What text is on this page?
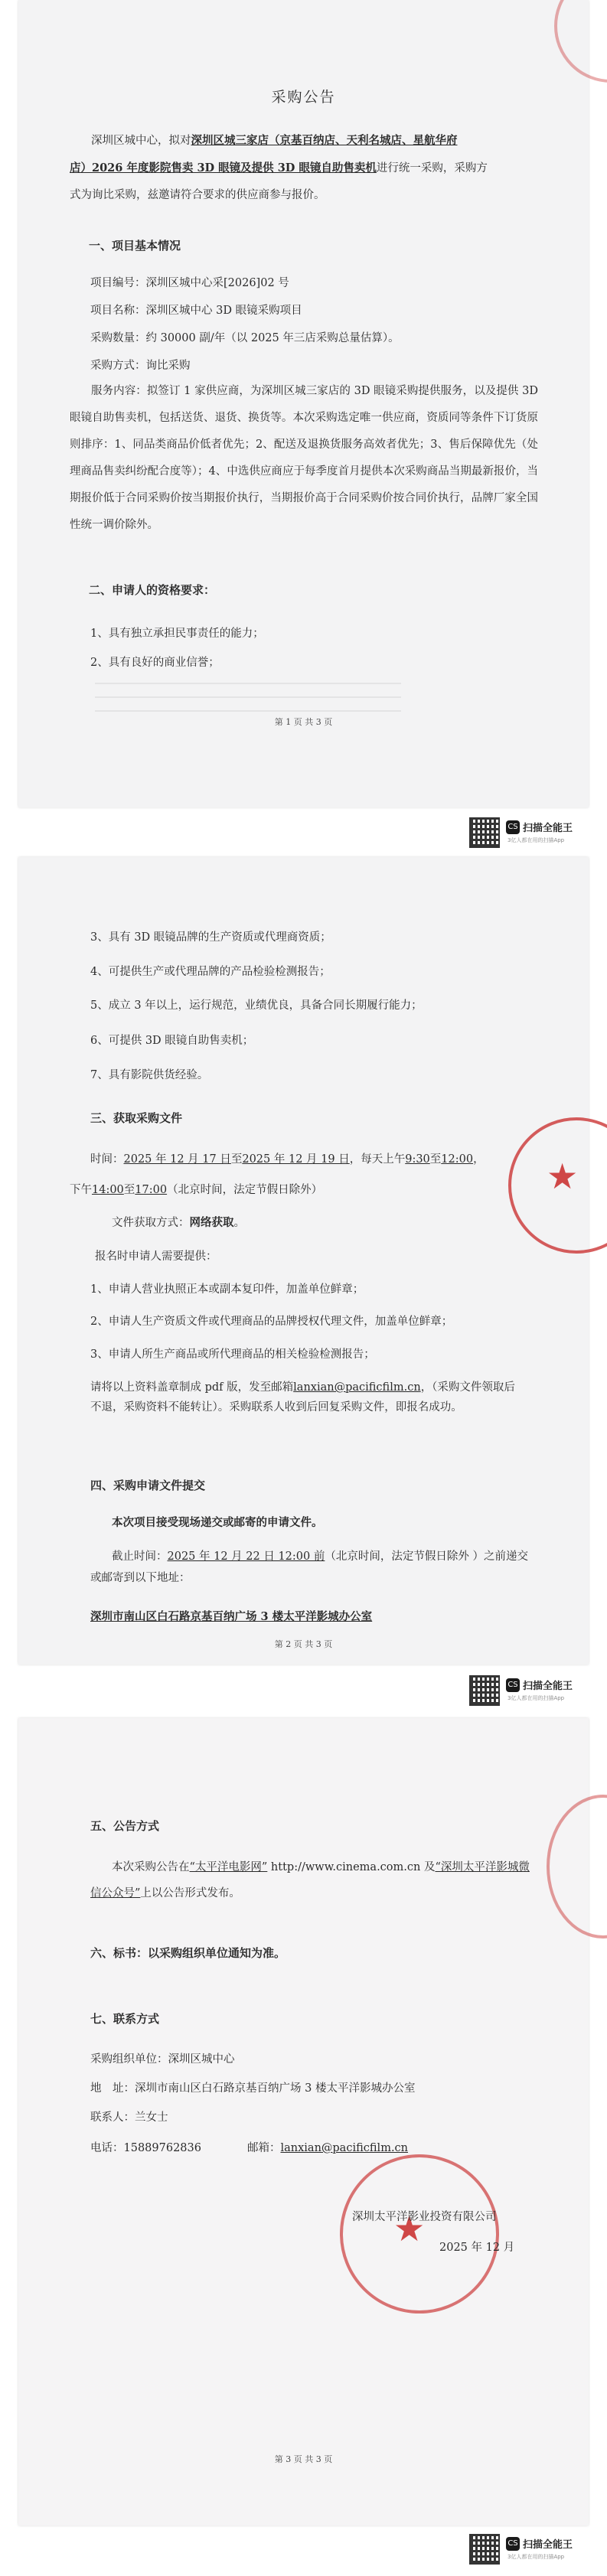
采购公告
深圳区城中心，拟对深圳区城三家店（京基百纳店、天利名城店、星航华府
店）2026 年度影院售卖 3D 眼镜及提供 3D 眼镜自助售卖机进行统一采购，采购方
式为询比采购，兹邀请符合要求的供应商参与报价。
一、项目基本情况
项目编号：深圳区城中心采[2026]02 号
项目名称：深圳区城中心 3D 眼镜采购项目
采购数量：约 30000 副/年（以 2025 年三店采购总量估算）。
采购方式：询比采购
服务内容：拟签订 1 家供应商，为深圳区城三家店的 3D 眼镜采购提供服务，以及提供 3D 眼镜自助售卖机，包括送货、退货、换货等。本次采购选定唯一供应商，资质同等条件下订货原则排序：1、同品类商品价低者优先；2、配送及退换货服务高效者优先；3、售后保障优先（处理商品售卖纠纷配合度等）；4、中选供应商应于每季度首月提供本次采购商品当期最新报价，当期报价低于合同采购价按当期报价执行，当期报价高于合同采购价按合同价执行，品牌厂家全国性统一调价除外。
二、申请人的资格要求：
1、具有独立承担民事责任的能力；
2、具有良好的商业信誉；
第 1 页 共 3 页
CS 扫描全能王
3亿人都在用的扫描App
3、具有 3D 眼镜品牌的生产资质或代理商资质；
4、可提供生产或代理品牌的产品检验检测报告；
5、成立 3 年以上，运行规范，业绩优良，具备合同长期履行能力；
6、可提供 3D 眼镜自助售卖机；
7、具有影院供货经验。
三、获取采购文件
时间：2025 年 12 月 17 日至2025 年 12 月 19 日，每天上午9:30至12:00，
下午14:00至17:00（北京时间，法定节假日除外）
文件获取方式：网络获取。
报名时申请人需要提供：
1、申请人营业执照正本或副本复印件，加盖单位鲜章；
2、申请人生产资质文件或代理商品的品牌授权代理文件，加盖单位鲜章；
3、申请人所生产商品或所代理商品的相关检验检测报告；
请将以上资料盖章制成 pdf 版，发至邮箱lanxian@pacificfilm.cn，（采购文件领取后不退，采购资料不能转让）。采购联系人收到后回复采购文件，即报名成功。
四、采购申请文件提交
本次项目接受现场递交或邮寄的申请文件。
截止时间：2025 年 12 月 22 日 12:00 前（北京时间，法定节假日除外 ）之前递交或邮寄到以下地址：
深圳市南山区白石路京基百纳广场 3 楼太平洋影城办公室
第 2 页 共 3 页
★
CS 扫描全能王
3亿人都在用的扫描App
五、公告方式
本次采购公告在“太平洋电影网” http://www.cinema.com.cn 及“深圳太平洋影城微信公众号”上以公告形式发布。
六、标书：以采购组织单位通知为准。
七、联系方式
采购组织单位：深圳区城中心
地　址：深圳市南山区白石路京基百纳广场 3 楼太平洋影城办公室
联系人：兰女士
电话：15889762836	邮箱：lanxian@pacificfilm.cn
★
深圳太平洋影业投资有限公司
2025 年 12 月
第 3 页 共 3 页
CS 扫描全能王
3亿人都在用的扫描App
